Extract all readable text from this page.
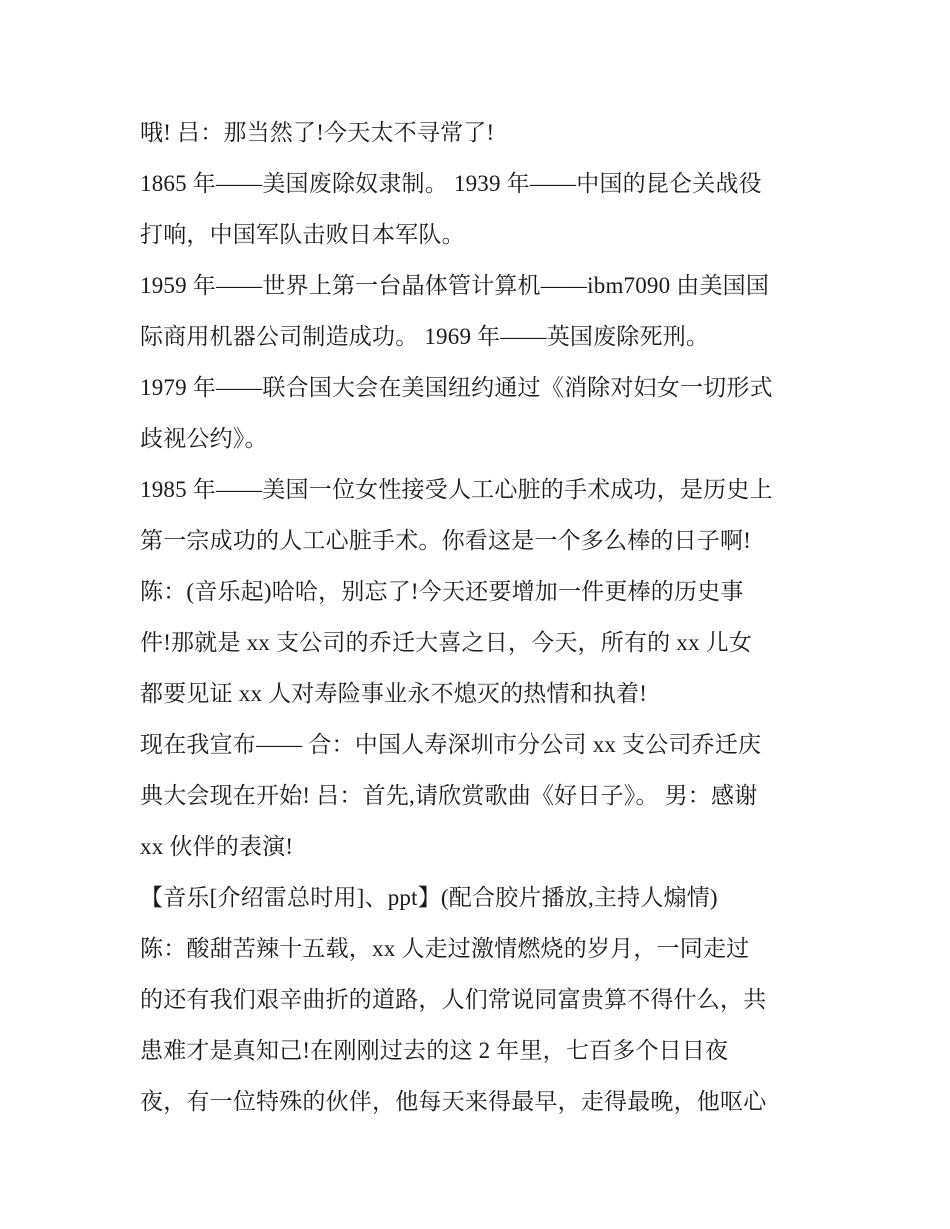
哦! 吕：那当然了!今天太不寻常了!
1865 年——美国废除奴隶制。 1939 年——中国的昆仑关战役
打响，中国军队击败日本军队。
1959 年——世界上第一台晶体管计算机——ibm7090 由美国国
际商用机器公司制造成功。 1969 年——英国废除死刑。
1979 年——联合国大会在美国纽约通过《消除对妇女一切形式
歧视公约》。
1985 年——美国一位女性接受人工心脏的手术成功，是历史上
第一宗成功的人工心脏手术。你看这是一个多么棒的日子啊!
陈：(音乐起)哈哈，别忘了!今天还要增加一件更棒的历史事
件!那就是 xx 支公司的乔迁大喜之日，今天，所有的 xx 儿女
都要见证 xx 人对寿险事业永不熄灭的热情和执着!
现在我宣布—— 合：中国人寿深圳市分公司 xx 支公司乔迁庆
典大会现在开始! 吕：首先,请欣赏歌曲《好日子》。 男：感谢
xx 伙伴的表演!
【音乐[介绍雷总时用]、ppt】(配合胶片播放,主持人煽情)
陈：酸甜苦辣十五载，xx 人走过激情燃烧的岁月，一同走过
的还有我们艰辛曲折的道路，人们常说同富贵算不得什么，共
患难才是真知己!在刚刚过去的这 2 年里，七百多个日日夜
夜，有一位特殊的伙伴，他每天来得最早，走得最晚，他呕心
